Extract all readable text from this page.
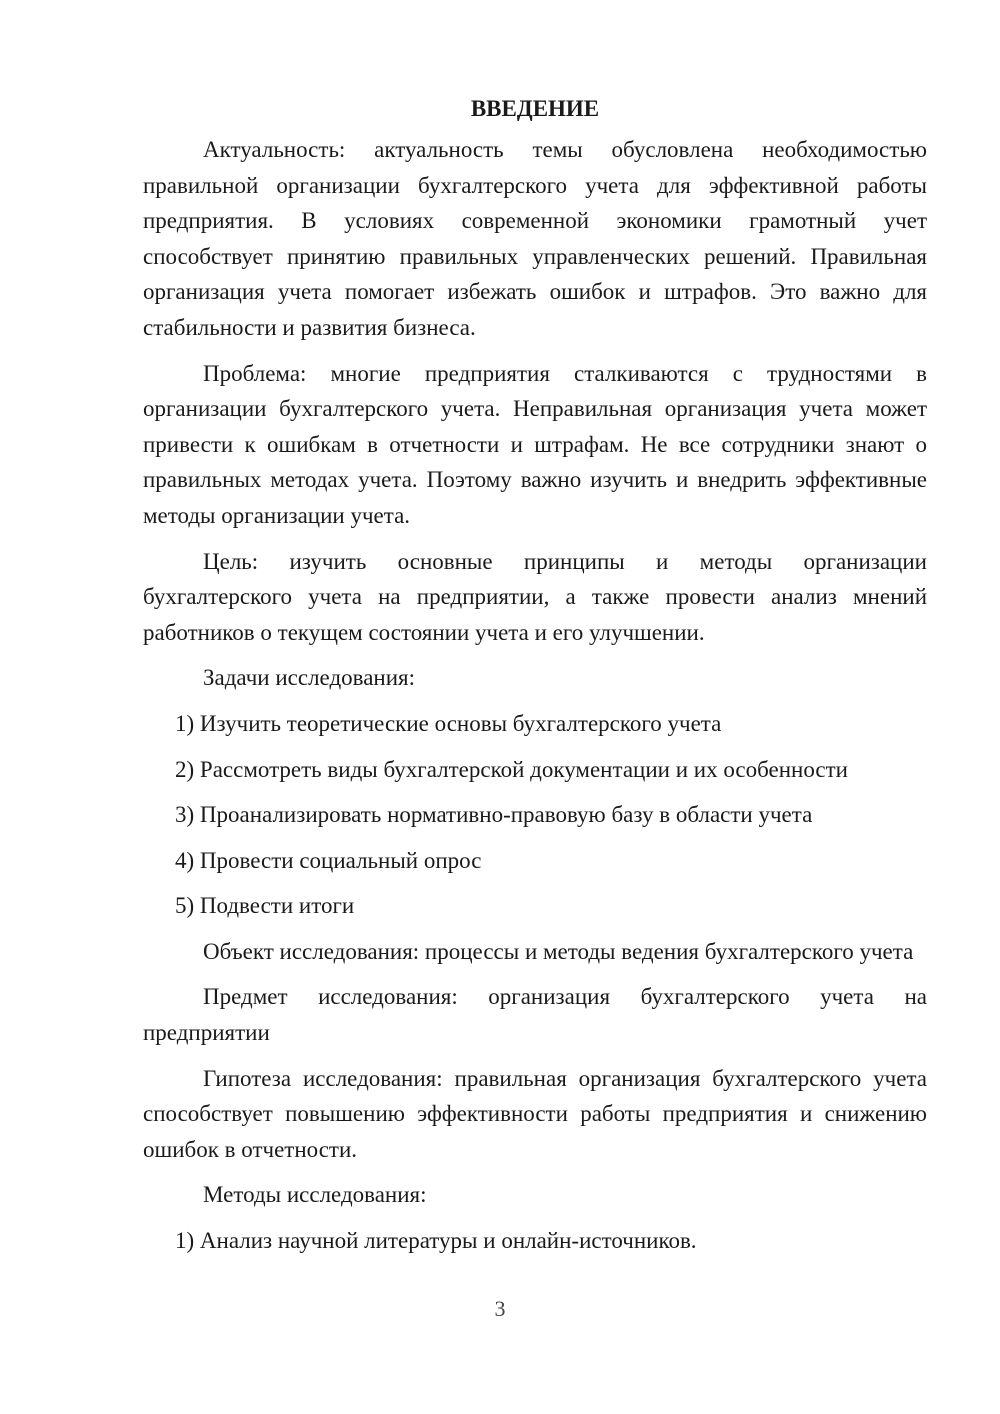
ВВЕДЕНИЕ

Актуальность: актуальность темы обусловлена необходимостью правильной организации бухгалтерского учета для эффективной работы предприятия. В условиях современной экономики грамотный учет способствует принятию правильных управленческих решений. Правильная организация учета помогает избежать ошибок и штрафов. Это важно для стабильности и развития бизнеса.

Проблема: многие предприятия сталкиваются с трудностями в организации бухгалтерского учета. Неправильная организация учета может привести к ошибкам в отчетности и штрафам. Не все сотрудники знают о правильных методах учета. Поэтому важно изучить и внедрить эффективные методы организации учета.

Цель: изучить основные принципы и методы организации бухгалтерского учета на предприятии, а также провести анализ мнений работников о текущем состоянии учета и его улучшении.

Задачи исследования:

1) Изучить теоретические основы бухгалтерского учета

2) Рассмотреть виды бухгалтерской документации и их особенности

3) Проанализировать нормативно-правовую базу в области учета

4) Провести социальный опрос

5) Подвести итоги

Объект исследования: процессы и методы ведения бухгалтерского учета

Предмет исследования: организация бухгалтерского учета на предприятии

Гипотеза исследования: правильная организация бухгалтерского учета способствует повышению эффективности работы предприятия и снижению ошибок в отчетности.

Методы исследования:

1) Анализ научной литературы и онлайн-источников.

3
